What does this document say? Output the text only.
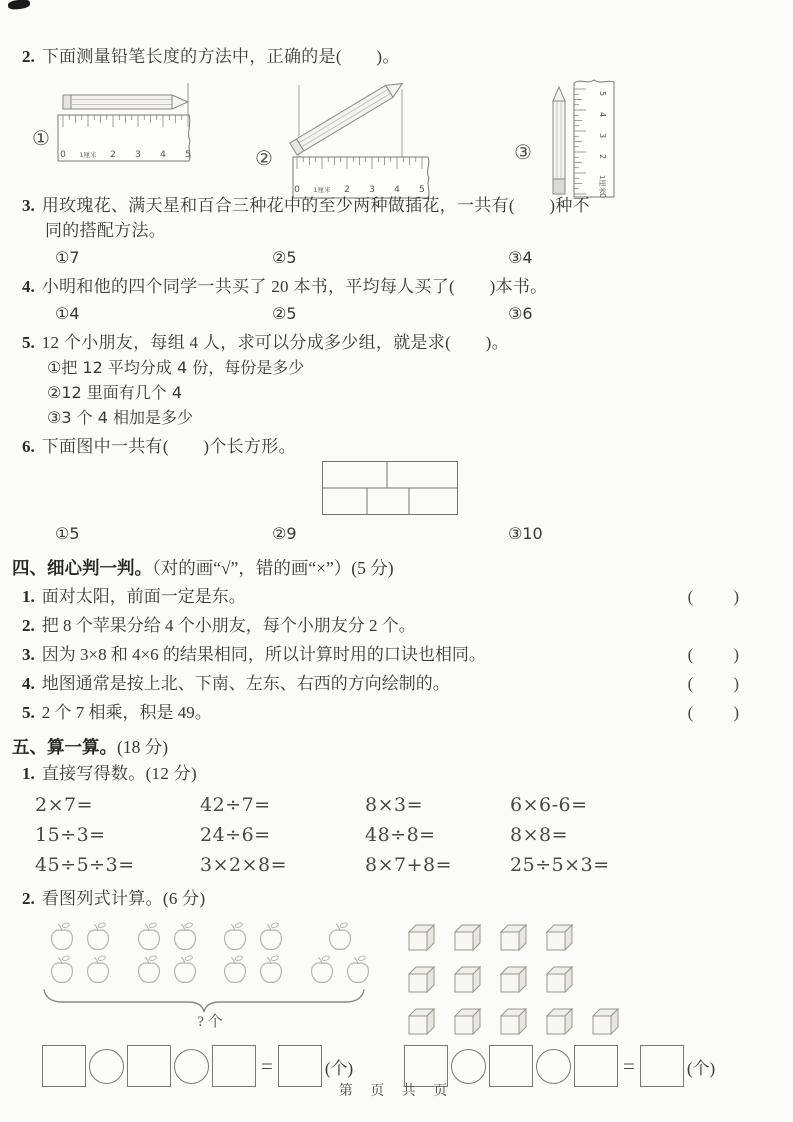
2. 下面测量铅笔长度的方法中，正确的是(　　)。
①
0 1厘米 2 3 4 5	②
0 1厘米 2 3 4 5
③
5
4
3
2
1厘米
0
3. 用玫瑰花、满天星和百合三种花中的至少两种做插花，一共有(　　)种不
同的搭配方法。
①7	②5	③4
4. 小明和他的四个同学一共买了 20 本书，平均每人买了(　　)本书。
①4	②5	③6
5. 12 个小朋友，每组 4 人，求可以分成多少组，就是求(　　)。
①把 12 平均分成 4 份，每份是多少
②12 里面有几个 4
③3 个 4 相加是多少
6. 下面图中一共有(　　)个长方形。
①5	②9	③10
四、细心判一判。（对的画“√”，错的画“×”）(5 分)
1. 面对太阳，前面一定是东。	(　　)
2. 把 8 个苹果分给 4 个小朋友，每个小朋友分 2 个。
3. 因为 3×8 和 4×6 的结果相同，所以计算时用的口诀也相同。	(　　)
4. 地图通常是按上北、下南、左东、右西的方向绘制的。	(　　)
5. 2 个 7 相乘，积是 49。	(　　)
五、算一算。(18 分)
1. 直接写得数。 (12 分)
2×7=	42÷7=	8×3=	6×6-6=
15÷3=	24÷6=	48÷8=	8×8=
45÷5÷3=	3×2×8=	8×7+8=	25÷5×3=
2. 看图列式计算。 (6 分)
? 个
=	(个)	=	(个)
第 页 共 页
